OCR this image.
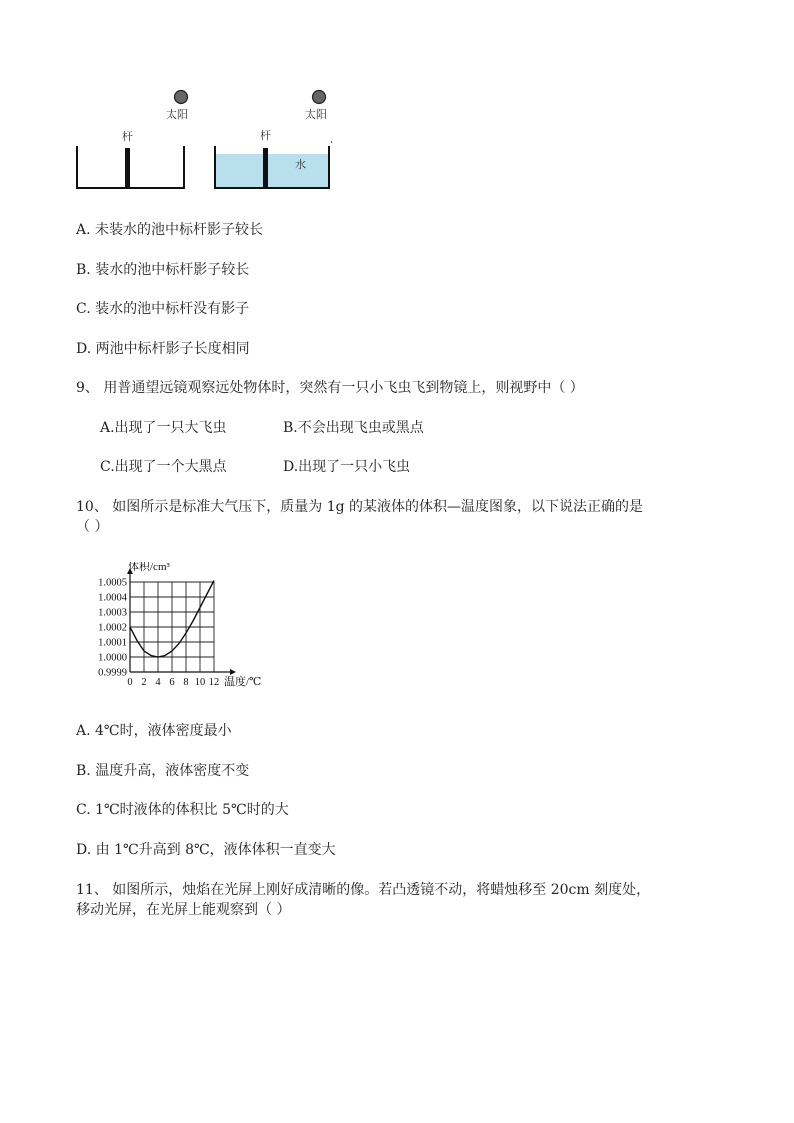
太阳	太阳
杆	杆
水
A. 未装水的池中标杆影子较长
B. 装水的池中标杆影子较长
C. 装水的池中标杆没有影子
D. 两池中标杆影子长度相同
9、 用普通望远镜观察远处物体时，突然有一只小飞虫飞到物镜上，则视野中（ ）
A.出现了一只大飞虫	B.不会出现飞虫或黑点
C.出现了一个大黑点	D.出现了一只小飞虫
10、 如图所示是标准大气压下，质量为 1g 的某液体的体积—温度图象，以下说法正确的是
（ ）
0.9999
1.0000
1.0001
1.0002
1.0003
1.0004
1.0005
0 2 4 6 8 10 12
体积/cm³
温度/℃
A. 4℃时，液体密度最小
B. 温度升高，液体密度不变
C. 1℃时液体的体积比 5℃时的大
D. 由 1℃升高到 8℃，液体体积一直变大
11、 如图所示，烛焰在光屏上刚好成清晰的像。若凸透镜不动，将蜡烛移至 20cm 刻度处，
移动光屏，在光屏上能观察到（ ）
